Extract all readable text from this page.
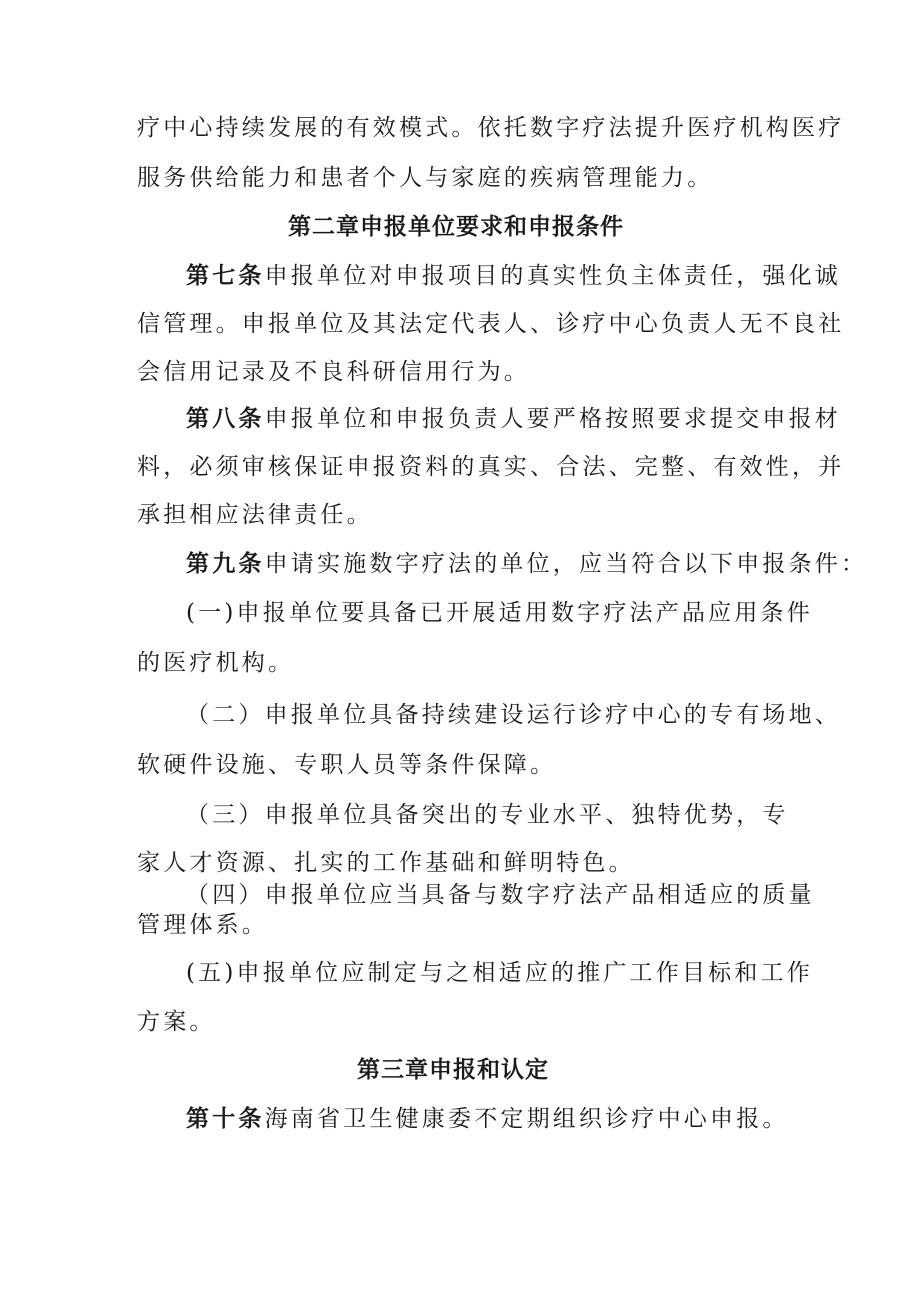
疗中心持续发展的有效模式。依托数字疗法提升医疗机构医疗
服务供给能力和患者个人与家庭的疾病管理能力。
第二章申报单位要求和申报条件
第七条申报单位对申报项目的真实性负主体责任，强化诚
信管理。申报单位及其法定代表人、诊疗中心负责人无不良社
会信用记录及不良科研信用行为。
第八条申报单位和申报负责人要严格按照要求提交申报材
料，必须审核保证申报资料的真实、合法、完整、有效性，并
承担相应法律责任。
第九条申请实施数字疗法的单位，应当符合以下申报条件：
(一)申报单位要具备已开展适用数字疗法产品应用条件
的医疗机构。
（二）申报单位具备持续建设运行诊疗中心的专有场地、
软硬件设施、专职人员等条件保障。
（三）申报单位具备突出的专业水平、独特优势，专
家人才资源、扎实的工作基础和鲜明特色。
（四）申报单位应当具备与数字疗法产品相适应的质量
管理体系。
(五)申报单位应制定与之相适应的推广工作目标和工作
方案。
第三章申报和认定
第十条海南省卫生健康委不定期组织诊疗中心申报。
